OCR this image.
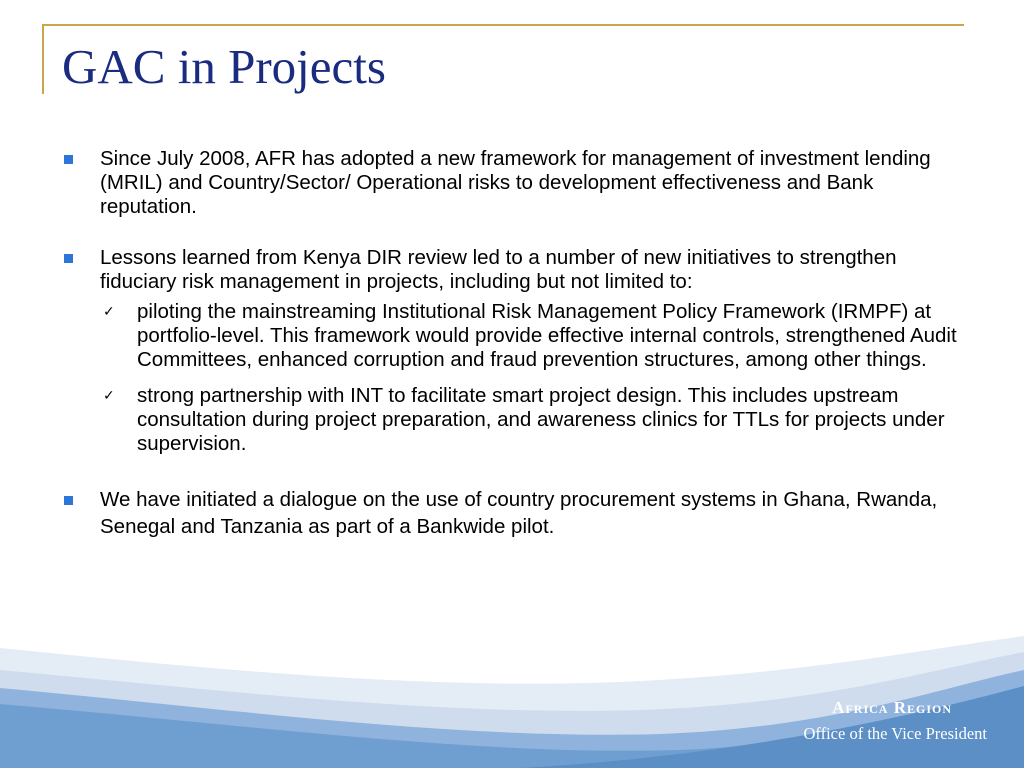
GAC in Projects
Since July 2008, AFR has adopted a new framework for management of investment lending (MRIL) and Country/Sector/ Operational risks to development effectiveness and Bank reputation.
Lessons learned from Kenya DIR review led to a number of new initiatives to strengthen fiduciary risk management in projects, including but not limited to:
✓	piloting the mainstreaming Institutional Risk Management Policy Framework (IRMPF) at portfolio-level. This framework would provide effective internal controls, strengthened Audit Committees, enhanced corruption and fraud prevention structures, among other things.
✓	strong partnership with INT to facilitate smart project design. This includes upstream consultation during project preparation, and awareness clinics for TTLs for projects under supervision.
We have initiated a dialogue on the use of country procurement systems in Ghana, Rwanda, Senegal and Tanzania as part of a Bankwide pilot.
Africa Region
Office of the Vice President
